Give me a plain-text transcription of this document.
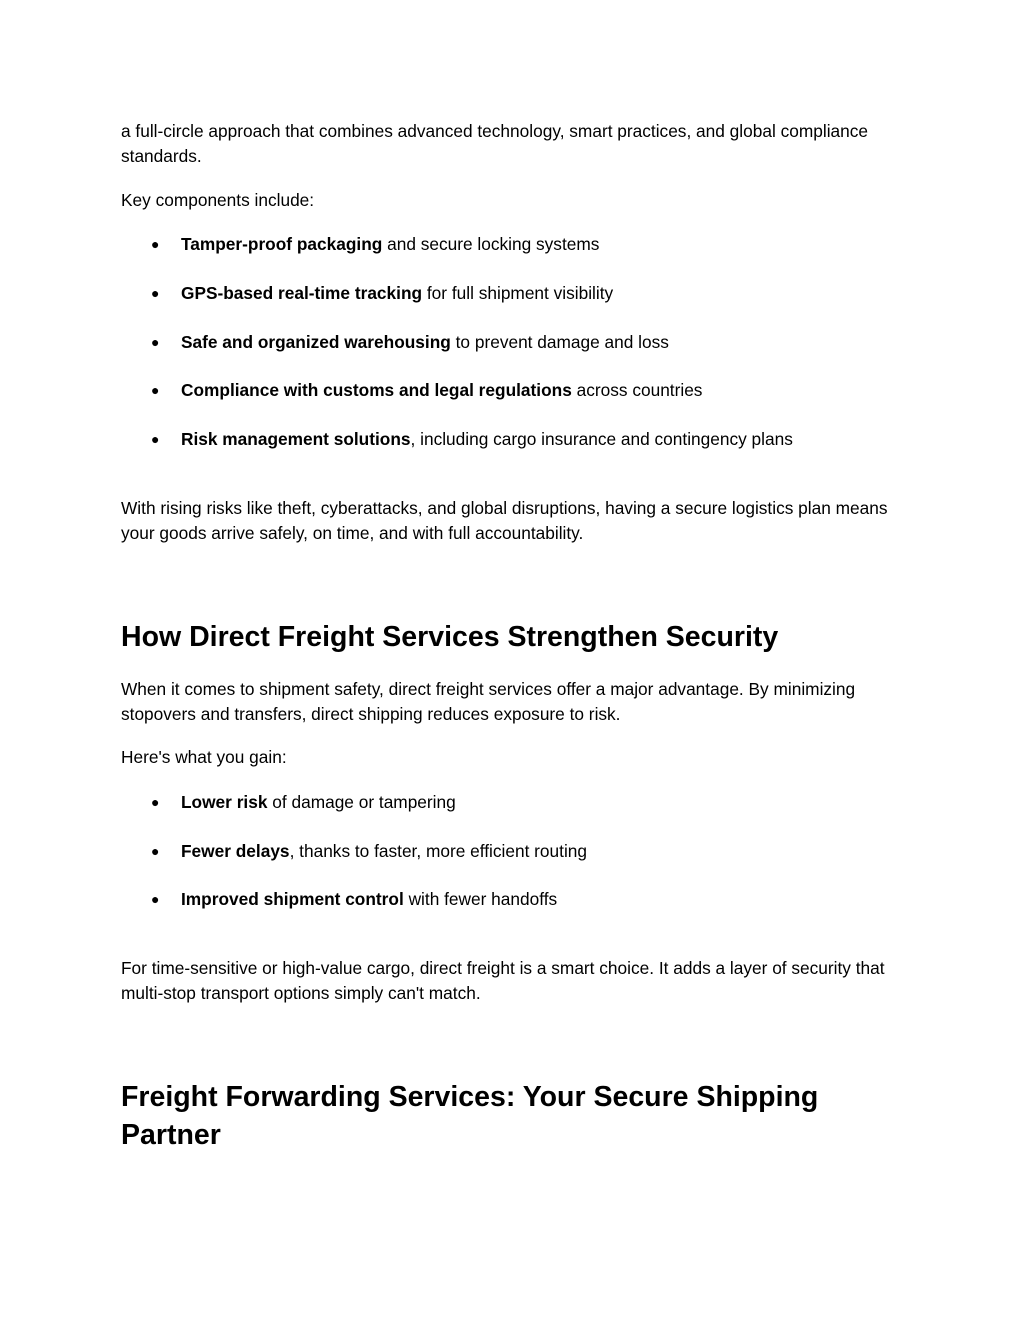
a full-circle approach that combines advanced technology, smart practices, and global compliance standards.

Key components include:

● Tamper-proof packaging and secure locking systems
● GPS-based real-time tracking for full shipment visibility
● Safe and organized warehousing to prevent damage and loss
● Compliance with customs and legal regulations across countries
● Risk management solutions, including cargo insurance and contingency plans

With rising risks like theft, cyberattacks, and global disruptions, having a secure logistics plan means your goods arrive safely, on time, and with full accountability.

How Direct Freight Services Strengthen Security

When it comes to shipment safety, direct freight services offer a major advantage. By minimizing stopovers and transfers, direct shipping reduces exposure to risk.

Here's what you gain:

● Lower risk of damage or tampering
● Fewer delays, thanks to faster, more efficient routing
● Improved shipment control with fewer handoffs

For time-sensitive or high-value cargo, direct freight is a smart choice. It adds a layer of security that multi-stop transport options simply can't match.

Freight Forwarding Services: Your Secure Shipping Partner
